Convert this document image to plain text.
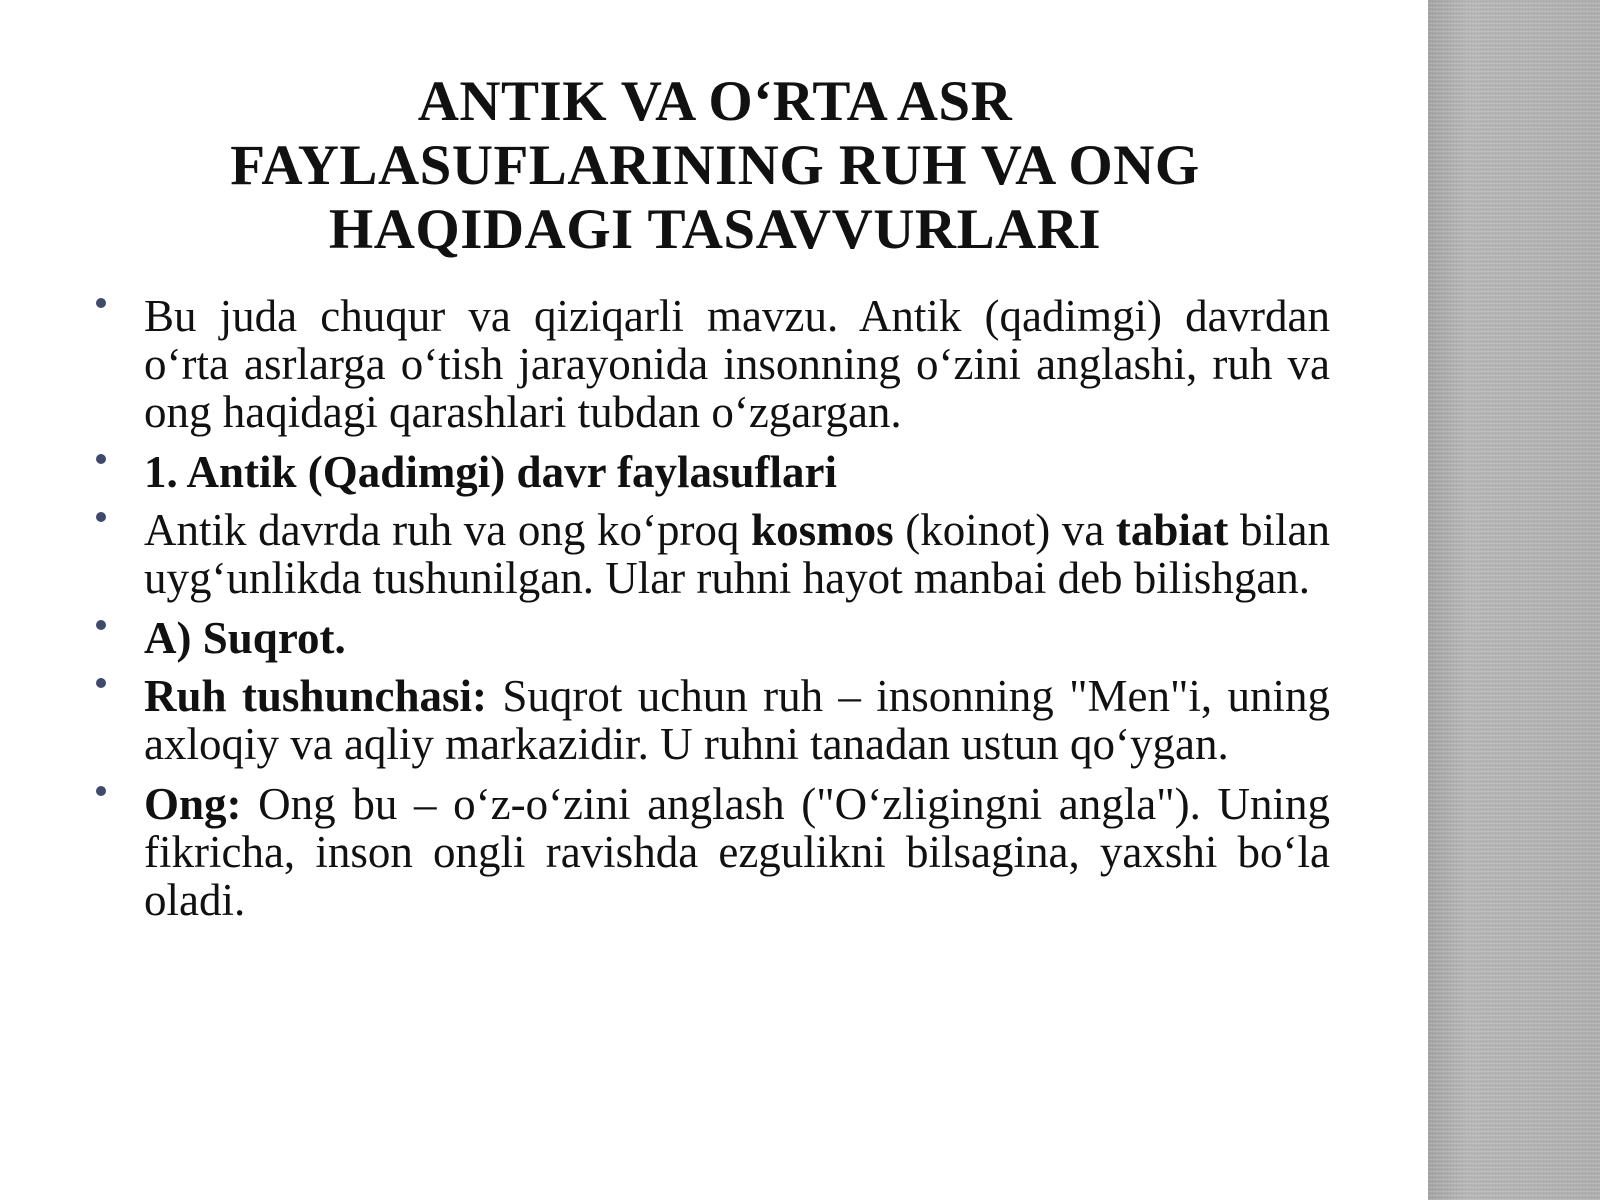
ANTIK VA O‘RTA ASR FAYLASUFLARINING RUH VA ONG HAQIDAGI TASAVVURLARI
Bu juda chuqur va qiziqarli mavzu. Antik (qadimgi) davrdan o‘rta asrlarga o‘tish jarayonida insonning o‘zini anglashi, ruh va ong haqidagi qarashlari tubdan o‘zgargan.
1. Antik (Qadimgi) davr faylasuflari
Antik davrda ruh va ong ko‘proq kosmos (koinot) va tabiat bilan uyg‘unlikda tushunilgan. Ular ruhni hayot manbai deb bilishgan.
A) Suqrot.
Ruh tushunchasi: Suqrot uchun ruh – insonning "Men"i, uning axloqiy va aqliy markazidir. U ruhni tanadan ustun qo‘ygan.
Ong: Ong bu – o‘z-o‘zini anglash ("O‘zligingni angla"). Uning fikricha, inson ongli ravishda ezgulikni bilsagina, yaxshi bo‘la oladi.
